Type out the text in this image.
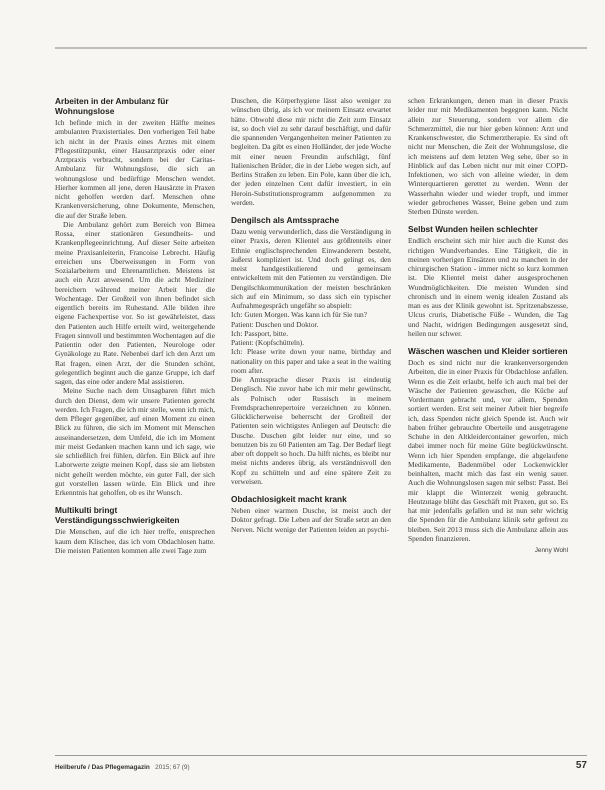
Arbeiten in der Ambulanz für Wohnungslose

Ich befinde mich in der zweiten Hälfte meines ambulanten Praxistertiales. Den vorherigen Teil habe ich nicht in der Praxis eines Arztes mit einem Pflegestützpunkt, einer Hausarztpraxis oder einer Arztpraxis verbracht, sondern bei der Caritas-Ambulanz für Wohnungslose, die sich an wohnungslose und bedürftige Menschen wendet. Hierher kommen all jene, deren Hausärzte in Praxen nicht geholfen werden darf. Menschen ohne Krankenversicherung, ohne Dokumente, Menschen, die auf der Straße leben.

Die Ambulanz gehört zum Bereich von Bimea Rossa, einer stationären Gesundheits- und Krankenpflegeeinrichtung. Auf dieser Seite arbeiten meine Praxisanleiterin, Francoise Lebrecht. Häufig erreichen uns Überweisungen in Form von Sozialarbeitern und Ehrenamtlichen. Meistens ist auch ein Arzt anwesend. Um die acht Mediziner bereichern während meiner Arbeit hier die Wochentage. Der Großteil von ihnen befindet sich eigentlich bereits im Ruhestand. Alle bilden ihre eigene Fachexpertise vor. So ist gewährleistet, dass den Patienten auch Hilfe erteilt wird, weitergehende Fragen sinnvoll und bestimmten Wochentagen auf die Patientin oder den Patienten, Neurologe oder Gynäkologe zu Rate. Nebenbei darf ich den Arzt um Rat fragen, einen Arzt, der die Stunden schönt, gelegentlich beginnt auch die ganze Gruppe, ich darf sagen, das eine oder andere Mal assistieren.

Meine Suche nach dem Unsagbaren führt mich durch den Dienst, dem wir unsere Patienten gerecht werden. Ich Fragen, die ich mir stelle, wenn ich mich, dem Pfleger gegenüber, auf einen Moment zu einen Blick zu führen, die sich im Moment mit Menschen auseinandersetzen, dem Umfeld, die ich im Moment mir meist Gedanken machen kann und ich sage, wie sie schließlich frei fühlen, dürfen. Ein Blick auf ihre Laborwerte zeigte meinen Kopf, dass sie am liebsten nicht geheilt werden möchte, ein guter Fall, der sich gut vorstellen lassen würde. Ein Blick und ihre Erkenntnis hat geholfen, ob es ihr Wunsch.

Multikulti bringt Verständigungsschwierigkeiten

Die Menschen, auf die ich hier treffe, entsprechen kaum dem Klischee, das ich vom Obdachlosen hatte. Die meisten Patienten kommen alle zwei Tage zum

Duschen, die Körperhygiene lässt also weniger zu wünschen übrig, als ich vor meinem Einsatz erwartet hätte. Obwohl diese mir nicht die Zeit zum Einsatz ist, so doch viel zu sehr darauf beschäftigt, und dafür die spannenden Vergangenheiten meiner Patienten zu begleiten. Da gibt es einen Holländer, der jede Woche mit einer neuen Freundin aufschlägt, fünf Italienischen Brüder, die in der Liebe wegen sich, auf Berlins Straßen zu leben. Ein Pole, kann über die ich, der jeden einzelnen Cent dafür investiert, in ein Heroin-Substitutionsprogramm aufgenommen zu werden.

Dengilsch als Amtssprache

Dazu wenig verwunderlich, dass die Verständigung in einer Praxis, deren Klientel aus größtenteils einer Ethnie englischsprechenden Einwanderern besteht, äußerst kompliziert ist. Und doch gelingt es, den meist handgestikulierend und gemeinsam entwickeltem mit den Patienten zu verständigen. Die Dengilschkommunikation der meisten beschränken sich auf ein Minimum, so dass sich ein typischer Aufnahmegespräch ungefähr so abspielt:

Ich: Guten Morgen. Was kann ich für Sie tun?

Patient: Duschen und Doktor.

Ich: Passport, bitte.

Patient: (Kopfschütteln).

Ich: Please write down your name, birthday and nationality on this paper and take a seat in the waiting room after.

Die Amtssprache dieser Praxis ist eindeutig Denglisch. Nie zuvor habe ich mir mehr gewünscht, als Polnisch oder Russisch in meinem Fremdsprachenrepertoire verzeichnen zu können. Glücklicherweise beherrscht der Großteil der Patienten sein wichtigstes Anliegen auf Deutsch: die Dusche. Duschen gibt leider nur eine, und so benutzen bis zu 60 Patienten am Tag. Der Bedarf liegt aber oft doppelt so hoch. Da hilft nichts, es bleibt nur meist nichts anderes übrig, als verständnisvoll den Kopf zu schütteln und auf eine spätere Zeit zu verweisen.

Obdachlosigkeit macht krank

Neben einer warmen Dusche, ist meist auch der Doktor gefragt. Die Leben auf der Straße setzt an den Nerven. Nicht wenige der Patienten leiden an psychi-

schen Erkrankungen, denen man in dieser Praxis leider nur mit Medikamenten begegnen kann. Nicht allein zur Steuerung, sondern vor allem die Schmerzmittel, die nur hier geben können: Arzt und Krankenschwester, die Schmerztherapie. Es sind oft nicht nur Menschen, die Zeit der Wohnungslose, die ich meistens auf dem letzten Weg sehe, über so in Hinblick auf das Leben nicht nur mit einer COPD-Infektionen, wo sich von alleine wieder, in dem Winterquartieren gerettet zu werden. Wenn der Wasserhahn wieder und wieder tropft, und immer wieder gebrochenes Wasser, Beine geben und zum Sterben Dünste werden.

Selbst Wunden heilen schlechter

Endlich erscheint sich mir hier auch die Kunst des richtigen Wundverbandes. Eine Tätigkeit, die in meinen vorherigen Einsätzen und zu manchen in der chirurgischen Station - immer nicht so kurz kommen ist. Die Klientel meist daher ausgesprochenen Wundmöglichkeiten. Die meisten Wunden sind chronisch und in einem wenig idealen Zustand als man es aus der Klinik gewohnt ist. Spritzenabszesse, Ulcus cruris, Diabetische Füße - Wunden, die Tag und Nacht, widrigen Bedingungen ausgesetzt sind, heilen nur schwer.

Wäschen waschen und Kleider sortieren

Doch es sind nicht nur die krankenversorgenden Arbeiten, die in einer Praxis für Obdachlose anfallen. Wenn es die Zeit erlaubt, helfe ich auch mal bei der Wäsche der Patienten gewaschen, die Küche auf Vordermann gebracht und, vor allem, Spenden sortiert werden. Erst seit meiner Arbeit hier begreife ich, dass Spenden nicht gleich Spende ist. Auch wir haben früher gebrauchte Oberteile und ausgetragene Schuhe in den Altkleidercontainer geworfen, mich dabei immer noch für meine Güte beglückwünscht. Wenn ich hier Spenden empfange, die abgelaufene Medikamente, Badenmöbel oder Lockenwickler beinhalten, macht mich das fast ein wenig sauer. Auch die Wohnungslosen sagen mir selbst: Passt. Bei mir klappt die Winterzeit wenig gebraucht. Heutzutage blüht das Geschäft mit Praxen, gut so. Es hat mir jedenfalls gefallen und ist nun sehr wichtig die Spenden für die Ambulanz klinik sehr gefreut zu bleiben. Seit 2013 muss sich die Ambulanz allein aus Spenden finanzieren.

Jenny Wohl
Heilberufe / Das Pflegemagazin 2015; 67 (9)	57
